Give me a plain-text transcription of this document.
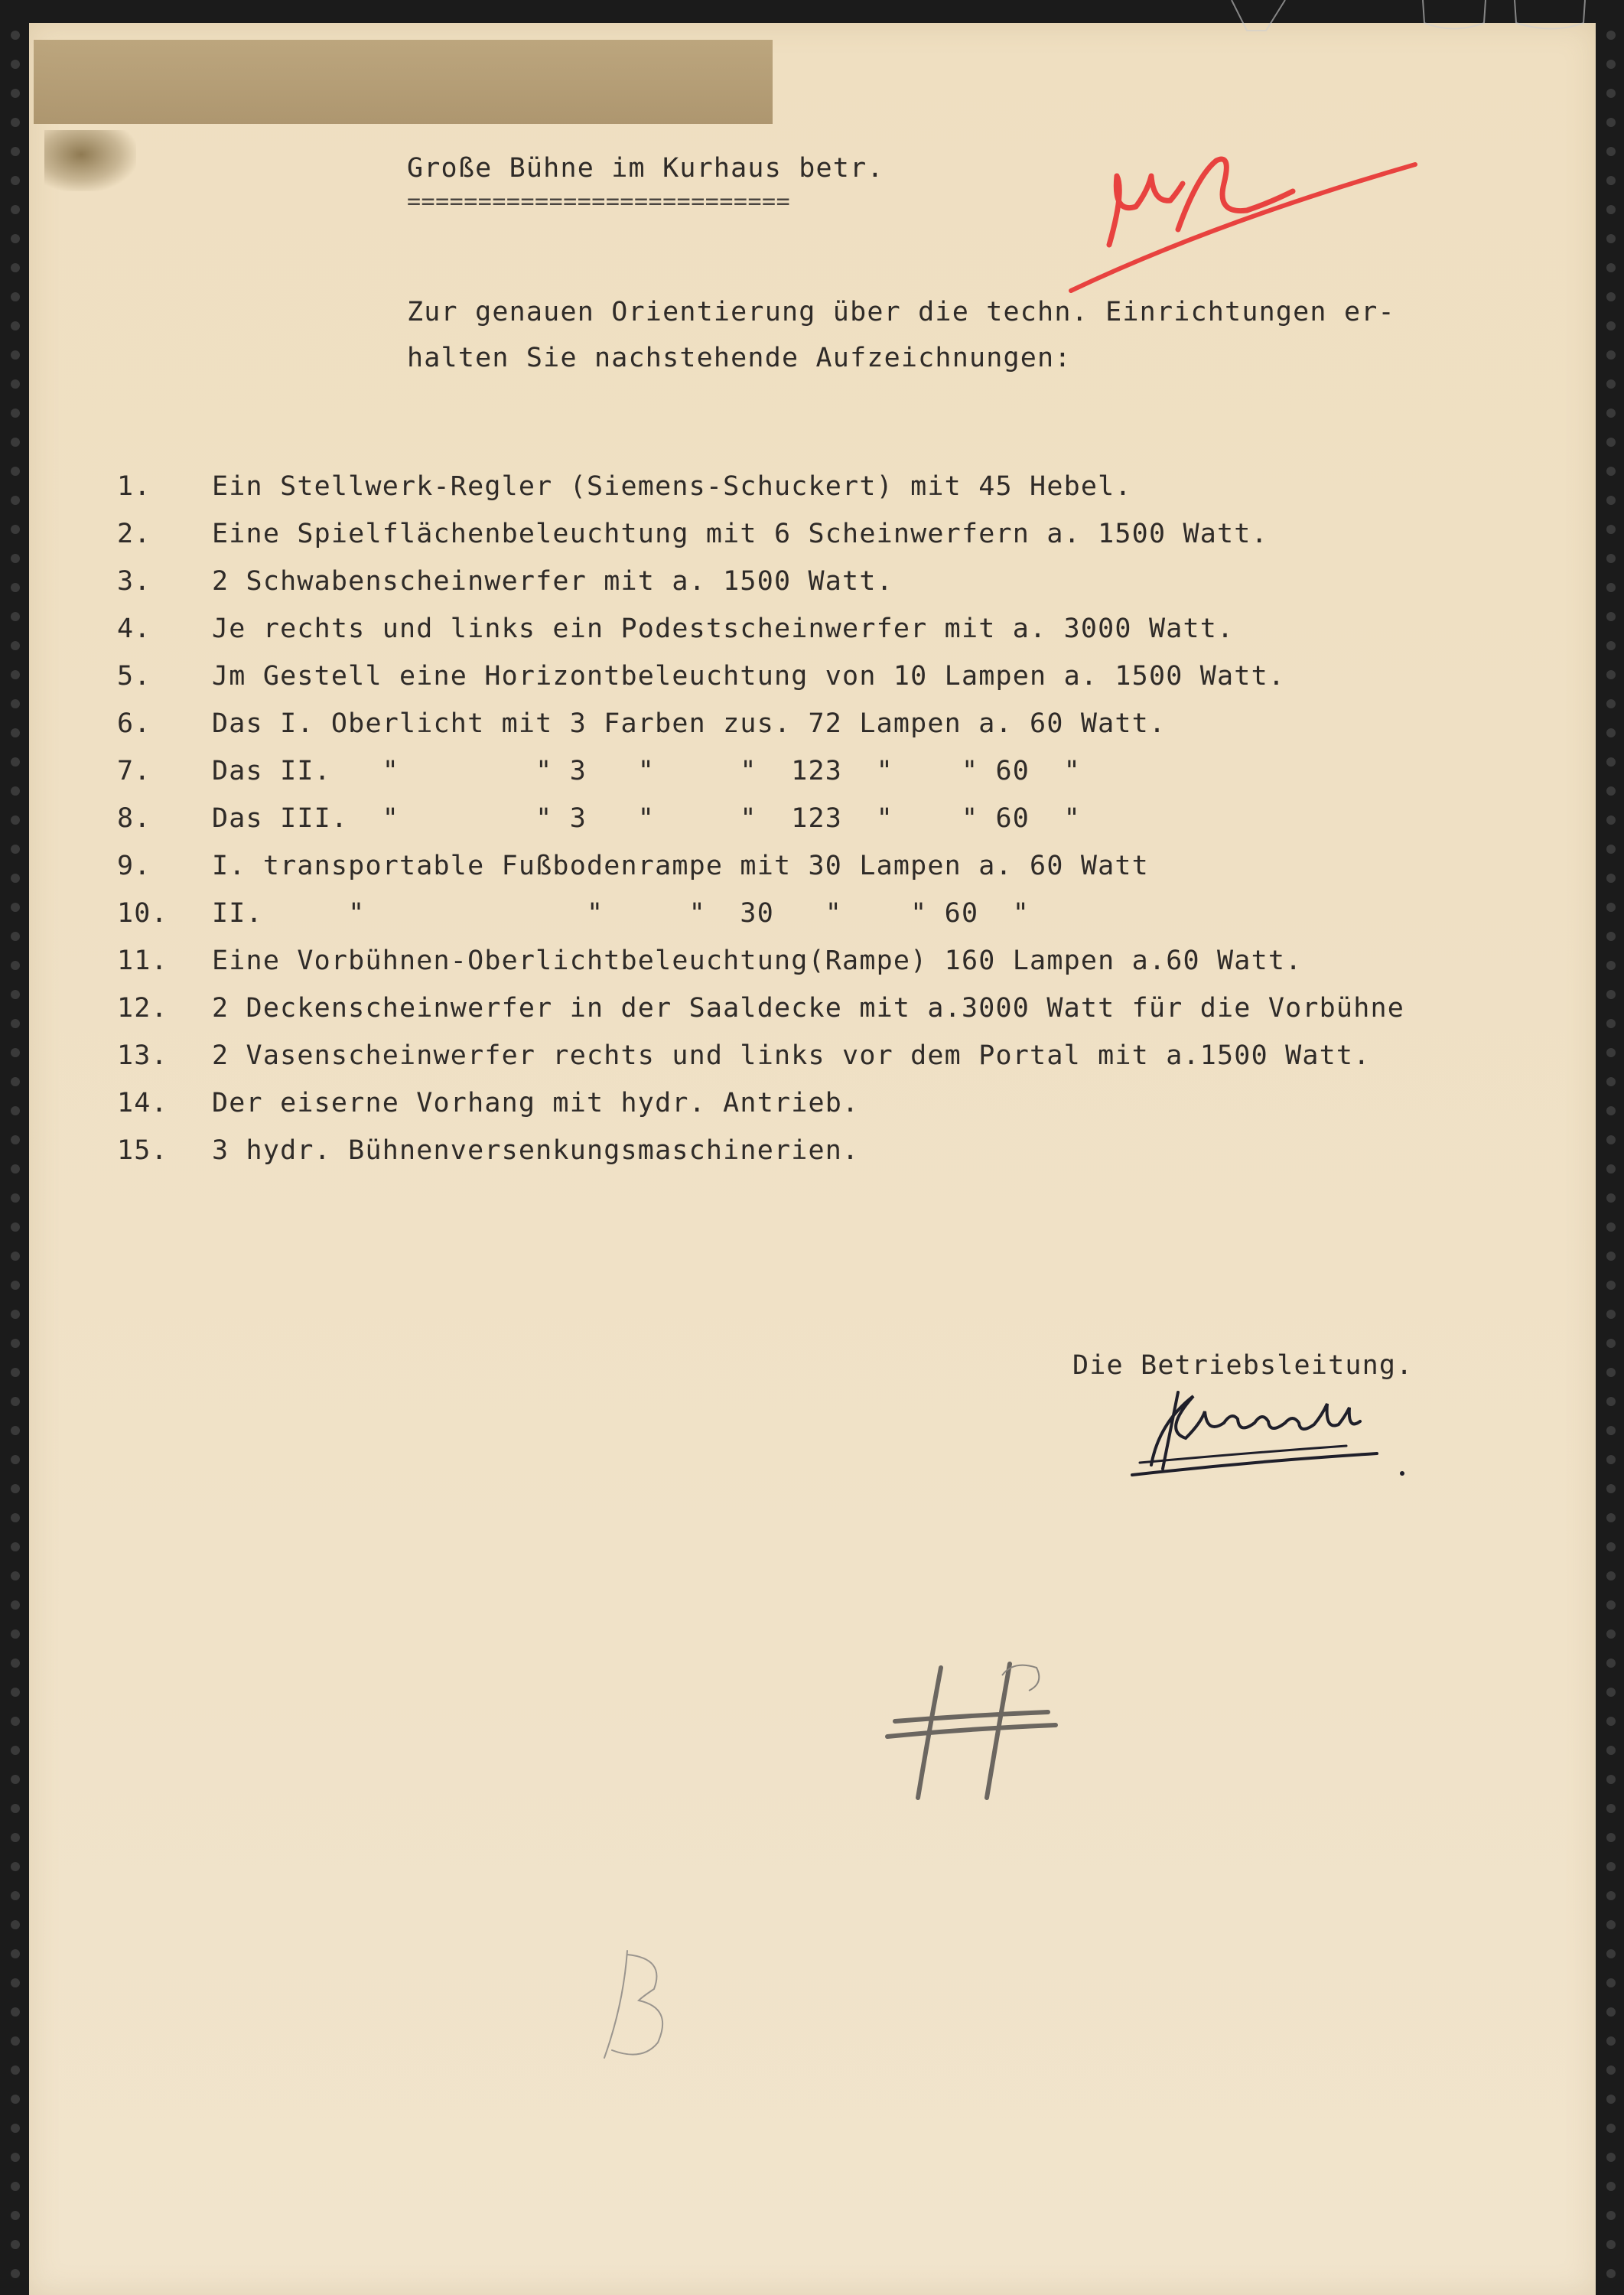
Große Bühne im Kurhaus betr.
===========================
Zur genauen Orientierung über die techn. Einrichtungen er-
halten Sie nachstehende Aufzeichnungen:
1. Ein Stellwerk-Regler (Siemens-Schuckert) mit 45 Hebel.
2. Eine Spielflächenbeleuchtung mit 6 Scheinwerfern a. 1500 Watt.
3. 2 Schwabenscheinwerfer mit a. 1500 Watt.
4. Je rechts und links ein Podestscheinwerfer mit a. 3000 Watt.
5. Jm Gestell eine Horizontbeleuchtung von 10 Lampen a. 1500 Watt.
6. Das I. Oberlicht mit 3 Farben zus. 72 Lampen a. 60 Watt.
7. Das II.   "        " 3   "     "  123  "    " 60  "
8. Das III.  "        " 3   "     "  123  "    " 60  "
9. I. transportable Fußbodenrampe mit 30 Lampen a. 60 Watt
10. II.     "             "     "  30   "    " 60  "
11. Eine Vorbühnen-Oberlichtbeleuchtung(Rampe) 160 Lampen a.60 Watt.
12. 2 Deckenscheinwerfer in der Saaldecke mit a.3000 Watt für die Vorbühne
13. 2 Vasenscheinwerfer rechts und links vor dem Portal mit a.1500 Watt.
14. Der eiserne Vorhang mit hydr. Antrieb.
15. 3 hydr. Bühnenversenkungsmaschinerien.
Die Betriebsleitung.
